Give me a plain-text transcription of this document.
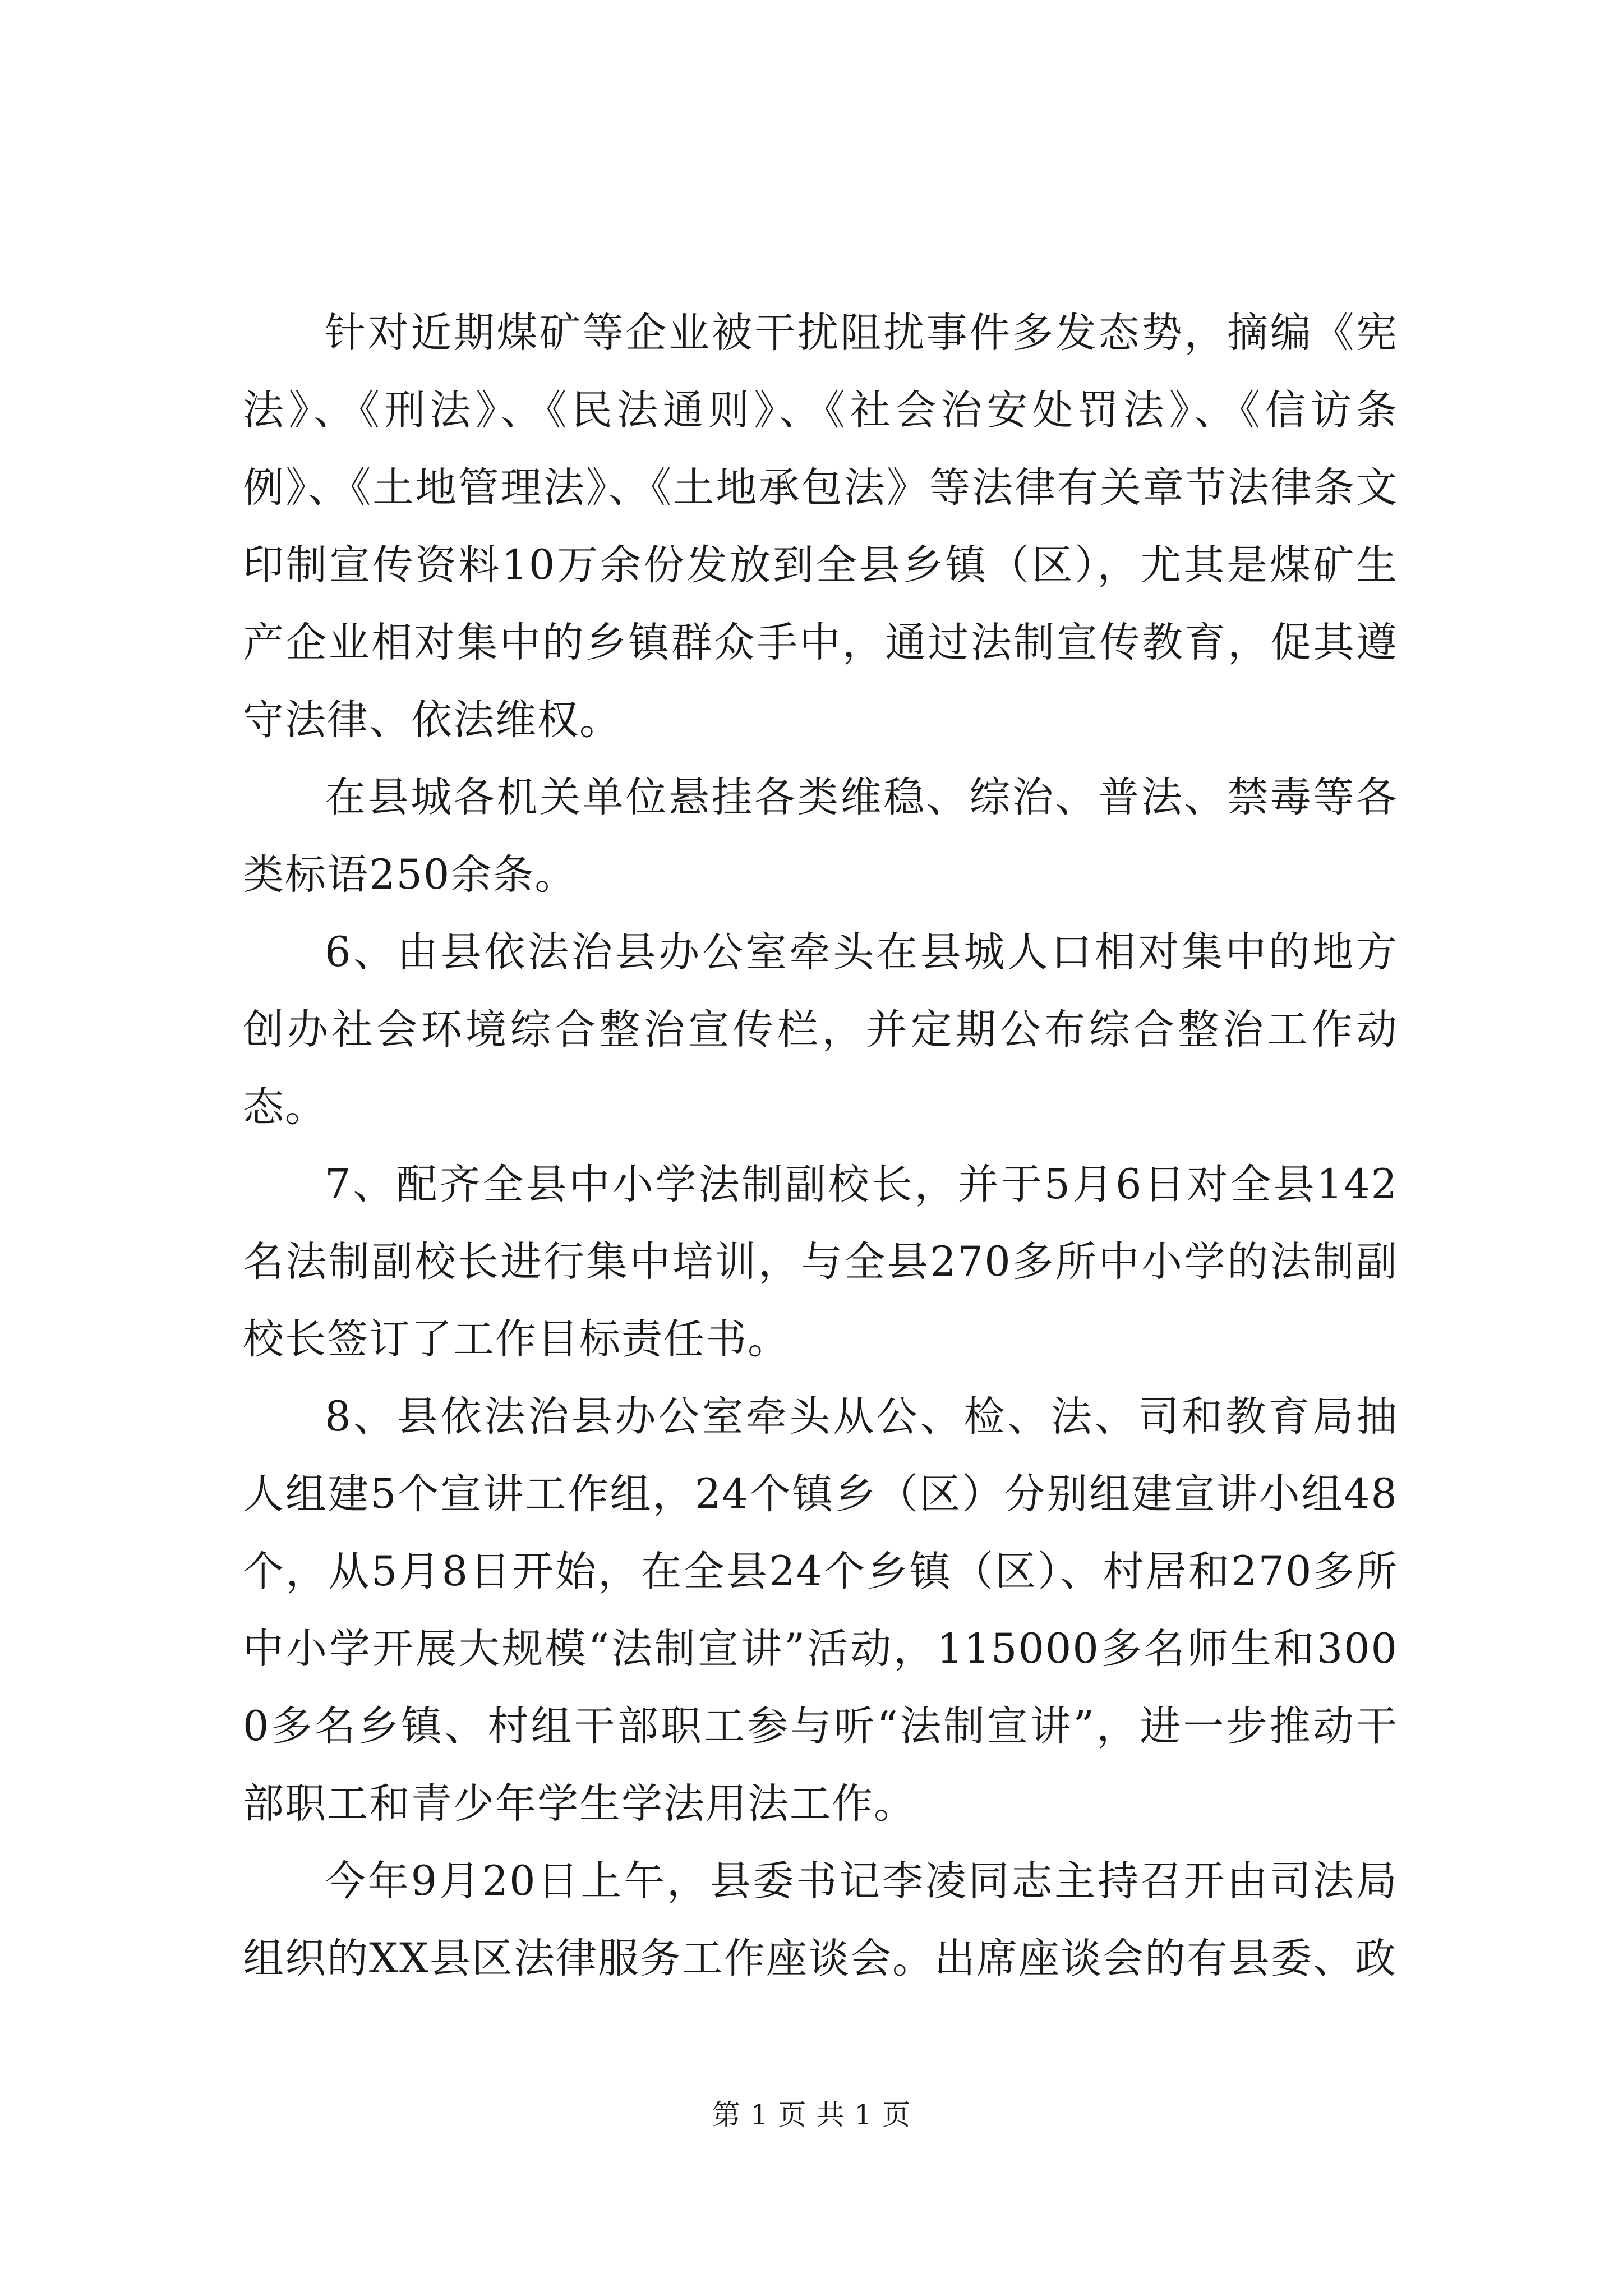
针对近期煤矿等企业被干扰阻扰事件多发态势，摘编《宪法》、《刑法》、《民法通则》、《社会治安处罚法》、《信访条例》、《土地管理法》、《土地承包法》等法律有关章节法律条文印制宣传资料10万余份发放到全县乡镇（区），尤其是煤矿生产企业相对集中的乡镇群众手中，通过法制宣传教育，促其遵守法律、依法维权。

在县城各机关单位悬挂各类维稳、综治、普法、禁毒等各类标语250余条。

6、由县依法治县办公室牵头在县城人口相对集中的地方创办社会环境综合整治宣传栏，并定期公布综合整治工作动态。

7、配齐全县中小学法制副校长，并于5月6日对全县142名法制副校长进行集中培训，与全县270多所中小学的法制副校长签订了工作目标责任书。

8、县依法治县办公室牵头从公、检、法、司和教育局抽人组建5个宣讲工作组，24个镇乡（区）分别组建宣讲小组48个，从5月8日开始，在全县24个乡镇（区）、村居和270多所中小学开展大规模“法制宣讲”活动，115000多名师生和3000多名乡镇、村组干部职工参与听“法制宣讲”，进一步推动干部职工和青少年学生学法用法工作。

今年9月20日上午，县委书记李凌同志主持召开由司法局组织的XX县区法律服务工作座谈会。出席座谈会的有县委、政

第 1 页 共 1 页
